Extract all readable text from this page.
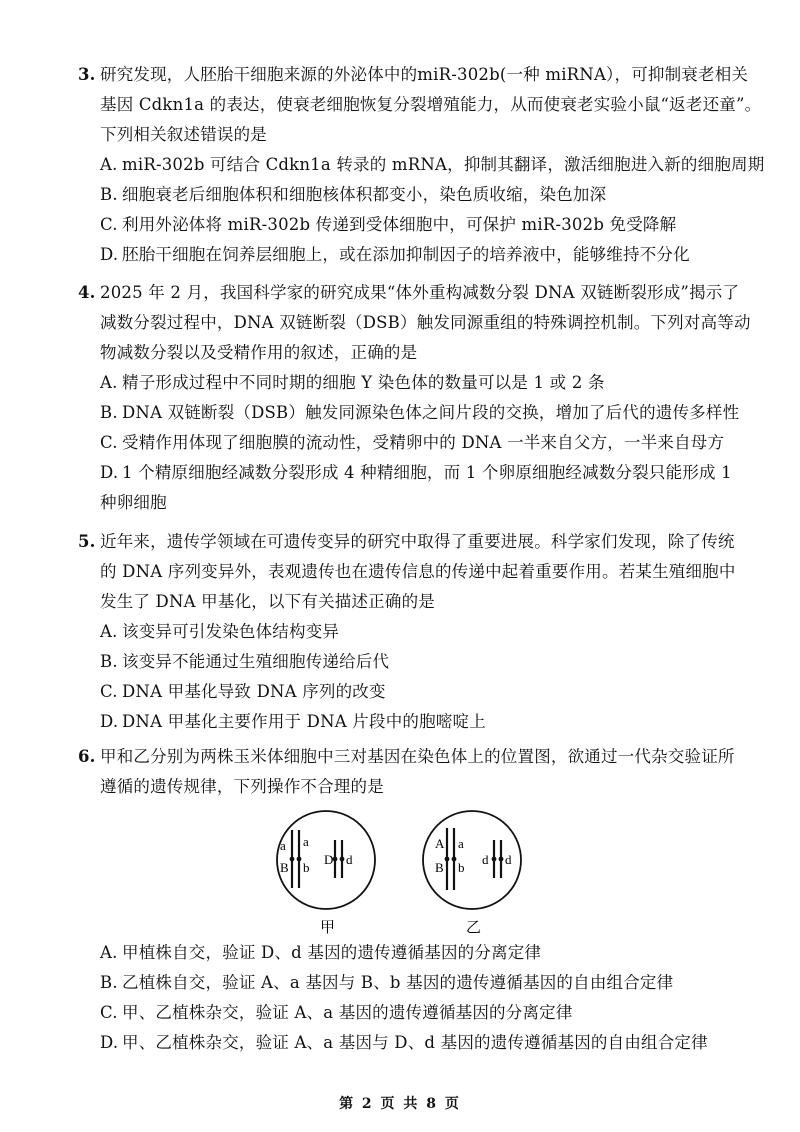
3. 研究发现，人胚胎干细胞来源的外泌体中的miR-302b(一种 miRNA），可抑制衰老相关
基因 Cdkn1a 的表达，使衰老细胞恢复分裂增殖能力，从而使衰老实验小鼠“返老还童”。
下列相关叙述错误的是
A. miR-302b 可结合 Cdkn1a 转录的 mRNA，抑制其翻译，激活细胞进入新的细胞周期
B. 细胞衰老后细胞体积和细胞核体积都变小，染色质收缩，染色加深
C. 利用外泌体将 miR-302b 传递到受体细胞中，可保护 miR-302b 免受降解
D. 胚胎干细胞在饲养层细胞上，或在添加抑制因子的培养液中，能够维持不分化
4. 2025 年 2 月，我国科学家的研究成果“体外重构减数分裂 DNA 双链断裂形成”揭示了
减数分裂过程中，DNA 双链断裂（DSB）触发同源重组的特殊调控机制。下列对高等动
物减数分裂以及受精作用的叙述，正确的是
A. 精子形成过程中不同时期的细胞 Y 染色体的数量可以是 1 或 2 条
B. DNA 双链断裂（DSB）触发同源染色体之间片段的交换，增加了后代的遗传多样性
C. 受精作用体现了细胞膜的流动性，受精卵中的 DNA 一半来自父方，一半来自母方
D. 1 个精原细胞经减数分裂形成 4 种精细胞，而 1 个卵原细胞经减数分裂只能形成 1
种卵细胞
5. 近年来，遗传学领域在可遗传变异的研究中取得了重要进展。科学家们发现，除了传统
的 DNA 序列变异外，表观遗传也在遗传信息的传递中起着重要作用。若某生殖细胞中
发生了 DNA 甲基化，以下有关描述正确的是
A. 该变异可引发染色体结构变异
B. 该变异不能通过生殖细胞传递给后代
C. DNA 甲基化导致 DNA 序列的改变
D. DNA 甲基化主要作用于 DNA 片段中的胞嘧啶上
6. 甲和乙分别为两株玉米体细胞中三对基因在染色体上的位置图，欲通过一代杂交验证所
遵循的遗传规律，下列操作不合理的是
a a
B b
D d
A a
B b
d d
甲	乙
A. 甲植株自交，验证 D、d 基因的遗传遵循基因的分离定律
B. 乙植株自交，验证 A、a 基因与 B、b 基因的遗传遵循基因的自由组合定律
C. 甲、乙植株杂交，验证 A、a 基因的遗传遵循基因的分离定律
D. 甲、乙植株杂交，验证 A、a 基因与 D、d 基因的遗传遵循基因的自由组合定律
第 2 页 共 8 页
